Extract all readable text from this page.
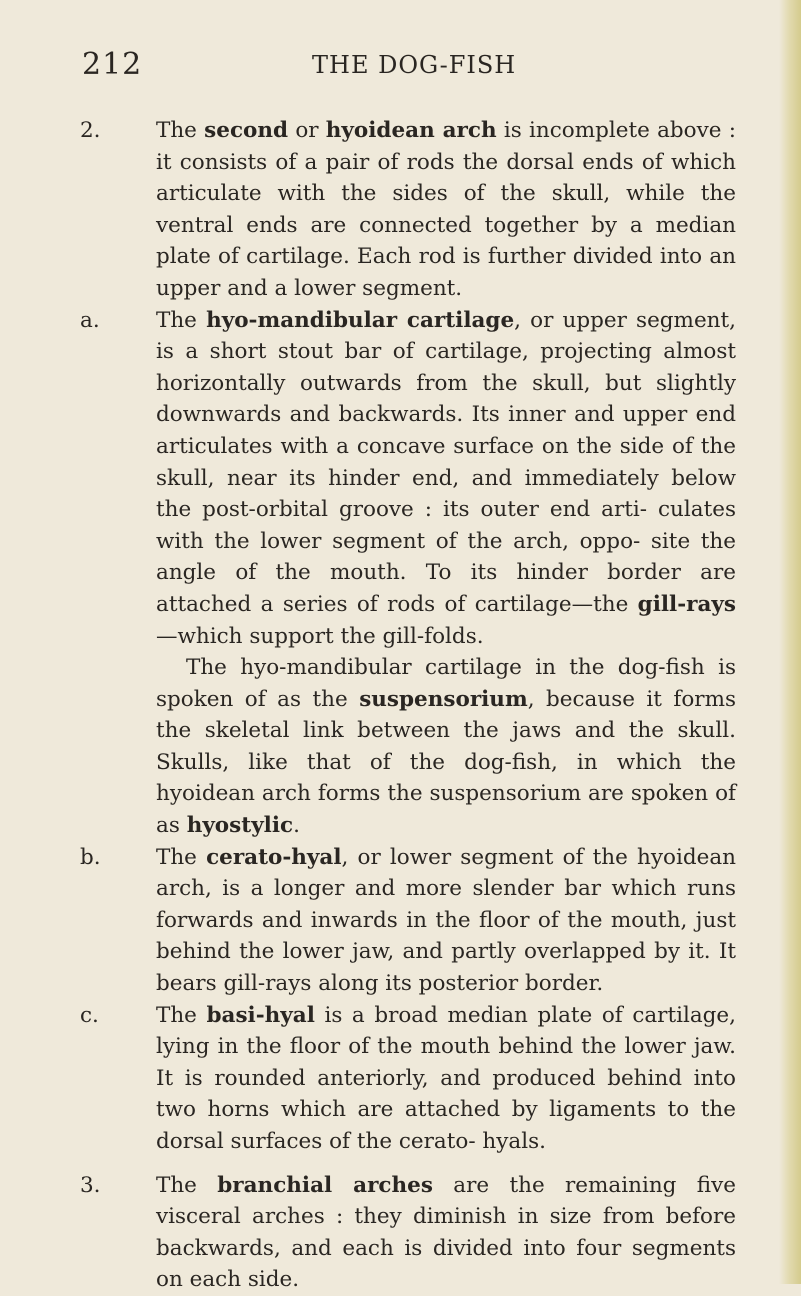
212	THE DOG-FISH
2.	The second or hyoidean arch is incomplete above : it consists of a pair of rods the dorsal ends of which articulate with the sides of the skull, while the ventral ends are connected together by a median plate of cartilage. Each rod is further divided into an upper and a lower segment.
a.	The hyo-mandibular cartilage, or upper segment, is a short stout bar of cartilage, projecting almost horizontally outwards from the skull, but slightly downwards and backwards. Its inner and upper end articulates with a concave surface on the side of the skull, near its hinder end, and immediately below the post-orbital groove : its outer end arti- culates with the lower segment of the arch, oppo- site the angle of the mouth. To its hinder border are attached a series of rods of cartilage—the gill-rays—which support the gill-folds.
The hyo-mandibular cartilage in the dog-fish is spoken of as the suspensorium, because it forms the skeletal link between the jaws and the skull. Skulls, like that of the dog-fish, in which the hyoidean arch forms the suspensorium are spoken of as hyostylic.
b.	The cerato-hyal, or lower segment of the hyoidean arch, is a longer and more slender bar which runs forwards and inwards in the floor of the mouth, just behind the lower jaw, and partly overlapped by it. It bears gill-rays along its posterior border.
c.	The basi-hyal is a broad median plate of cartilage, lying in the floor of the mouth behind the lower jaw. It is rounded anteriorly, and produced behind into two horns which are attached by ligaments to the dorsal surfaces of the cerato- hyals.
3.	The branchial arches are the remaining five visceral arches : they diminish in size from before backwards, and each is divided into four segments on each side.
